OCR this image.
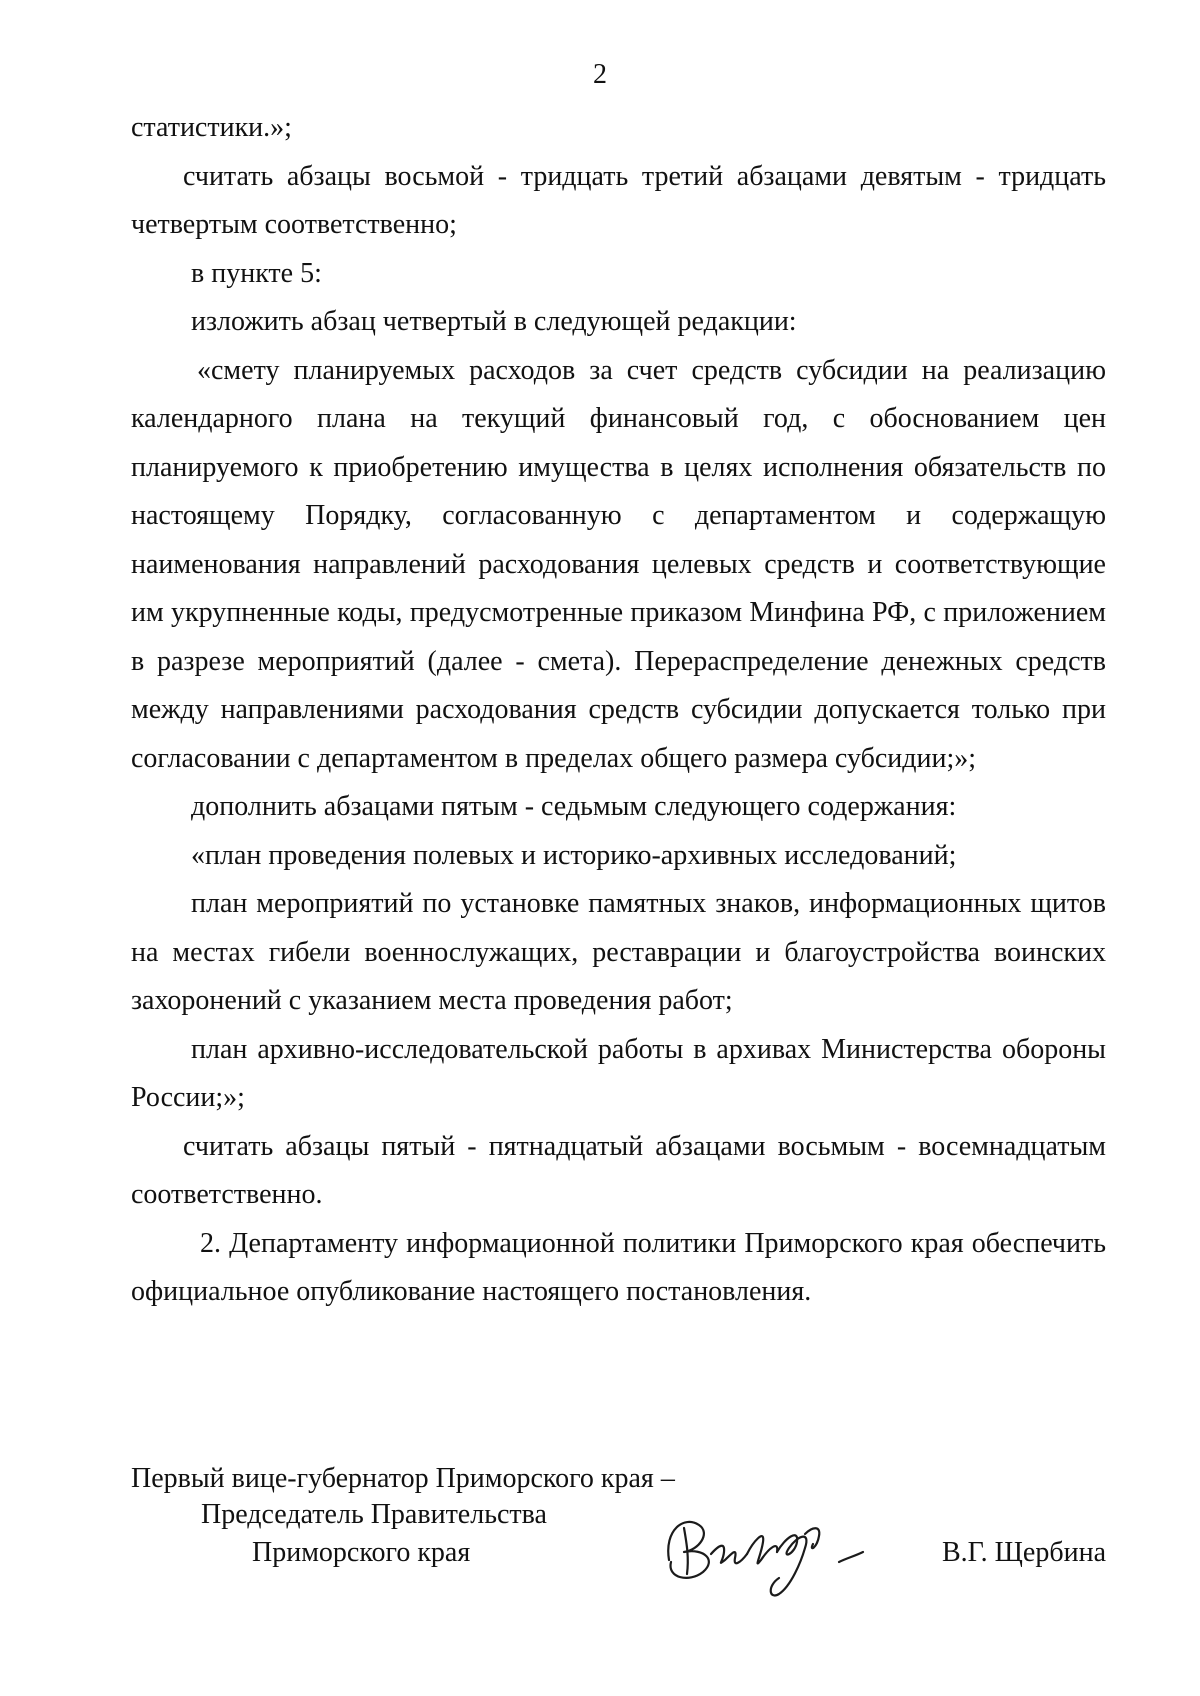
2

статистики.»;

считать абзацы восьмой - тридцать третий абзацами девятым - тридцать четвертым соответственно;

в пункте 5:

изложить абзац четвертый в следующей редакции:

«смету планируемых расходов за счет средств субсидии на реализацию календарного плана на текущий финансовый год, с обоснованием цен планируемого к приобретению имущества в целях исполнения обязательств по настоящему Порядку, согласованную с департаментом и содержащую наименования направлений расходования целевых средств и соответствующие им укрупненные коды, предусмотренные приказом Минфина РФ, с приложением в разрезе мероприятий (далее - смета). Перераспределение денежных средств между направлениями расходования средств субсидии допускается только при согласовании с департаментом в пределах общего размера субсидии;»;

дополнить абзацами пятым - седьмым следующего содержания:

«план проведения полевых и историко-архивных исследований;

план мероприятий по установке памятных знаков, информационных щитов на местах гибели военнослужащих, реставрации и благоустройства воинских захоронений с указанием места проведения работ;

план архивно-исследовательской работы в архивах Министерства обороны России;»;

считать абзацы пятый - пятнадцатый абзацами восьмым - восемнадцатым соответственно.

2. Департаменту информационной политики Приморского края обеспечить официальное опубликование настоящего постановления.

Первый вице-губернатор Приморского края –
Председатель Правительства
Приморского края	В.Г. Щербина
